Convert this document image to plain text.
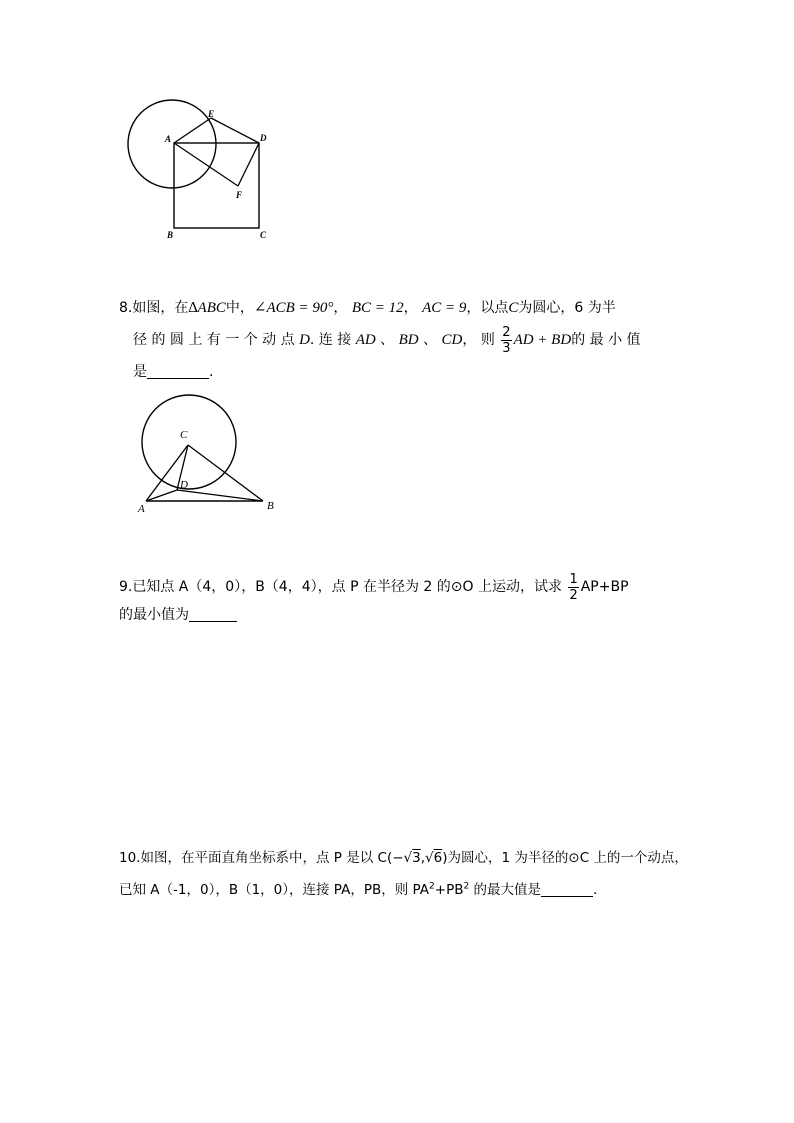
A
E
D
F
B	C
8.如图，在∆ABC中，∠ACB = 90°， BC = 12， AC = 9，以点C为圆心，6 为半
径 的 圆 上 有 一 个 动 点 D. 连 接 AD 、 BD 、 CD， 则 $\frac{2}{3}$ AD + BD的 最 小 值
是	.
C
D
A	B
9.已知点 A（4，0），B（4，4），点 P 在半径为 2 的⊙O 上运动，试求 $\frac{1}{2} AP+BP$
的最小值为
10.如图，在平面直角坐标系中，点 P 是以 C(−√3,√6)为圆心，1 为半径的⊙C 上的一个动点，
已知 A（-1，0），B（1，0），连接 PA，PB，则 $PA^2+PB^2$ 的最大值是	.
